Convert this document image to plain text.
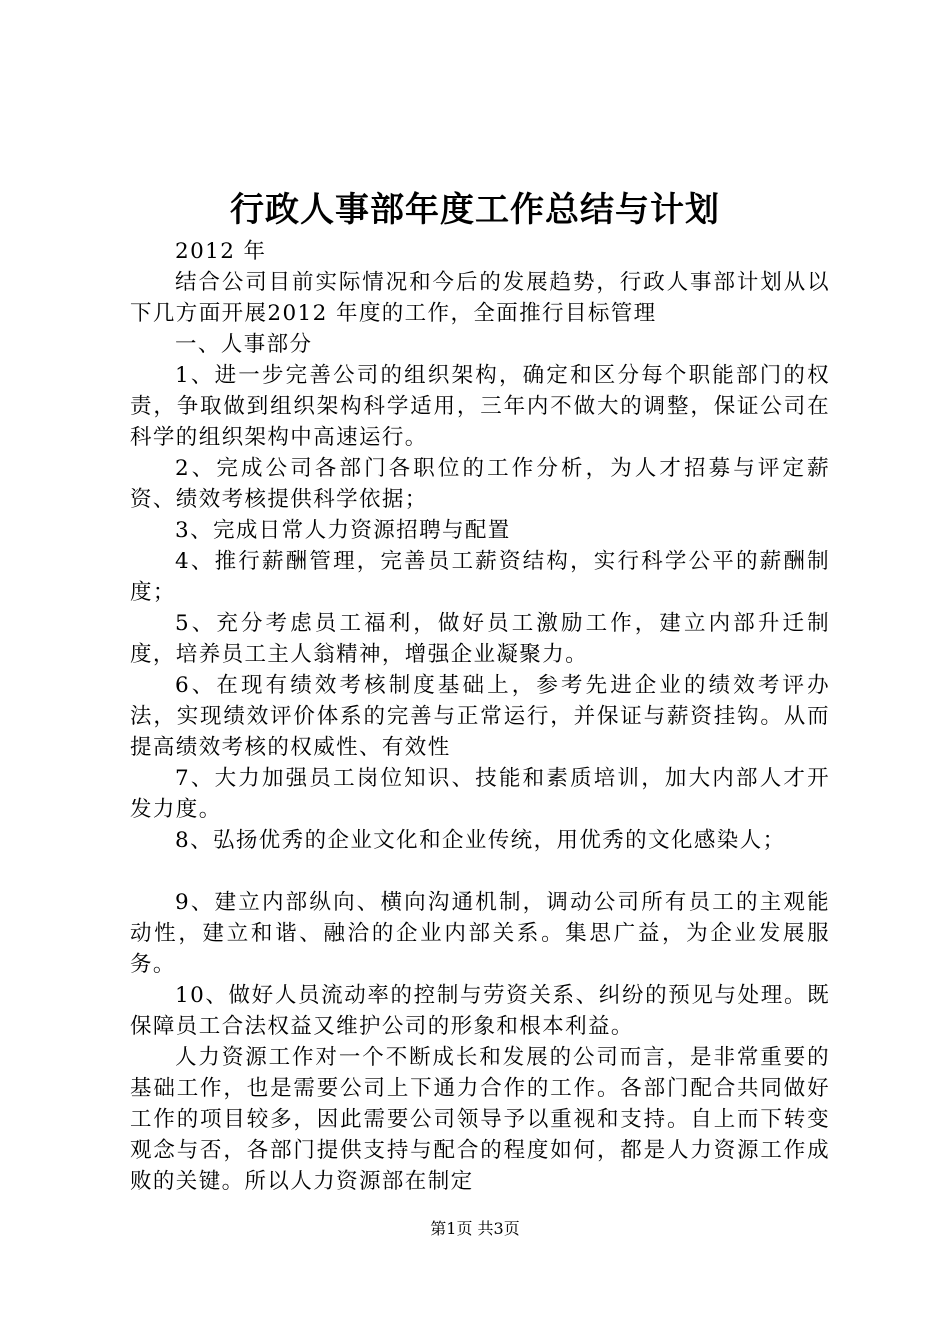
行政人事部年度工作总结与计划

2012 年

结合公司目前实际情况和今后的发展趋势，行政人事部计划从以下几方面开展2012 年度的工作，全面推行目标管理

一、人事部分

1、进一步完善公司的组织架构，确定和区分每个职能部门的权责，争取做到组织架构科学适用，三年内不做大的调整，保证公司在科学的组织架构中高速运行。

2、完成公司各部门各职位的工作分析，为人才招募与评定薪资、绩效考核提供科学依据；

3、完成日常人力资源招聘与配置

4、推行薪酬管理，完善员工薪资结构，实行科学公平的薪酬制度；

5、充分考虑员工福利，做好员工激励工作，建立内部升迁制度，培养员工主人翁精神，增强企业凝聚力。

6、在现有绩效考核制度基础上，参考先进企业的绩效考评办法，实现绩效评价体系的完善与正常运行，并保证与薪资挂钩。从而提高绩效考核的权威性、有效性

7、大力加强员工岗位知识、技能和素质培训，加大内部人才开发力度。

8、弘扬优秀的企业文化和企业传统，用优秀的文化感染人；

9、建立内部纵向、横向沟通机制，调动公司所有员工的主观能动性，建立和谐、融洽的企业内部关系。集思广益，为企业发展服务。

10、做好人员流动率的控制与劳资关系、纠纷的预见与处理。既保障员工合法权益又维护公司的形象和根本利益。

人力资源工作对一个不断成长和发展的公司而言，是非常重要的基础工作，也是需要公司上下通力合作的工作。各部门配合共同做好工作的项目较多，因此需要公司领导予以重视和支持。自上而下转变观念与否，各部门提供支持与配合的程度如何，都是人力资源工作成败的关键。所以人力资源部在制定

第1页 共3页
